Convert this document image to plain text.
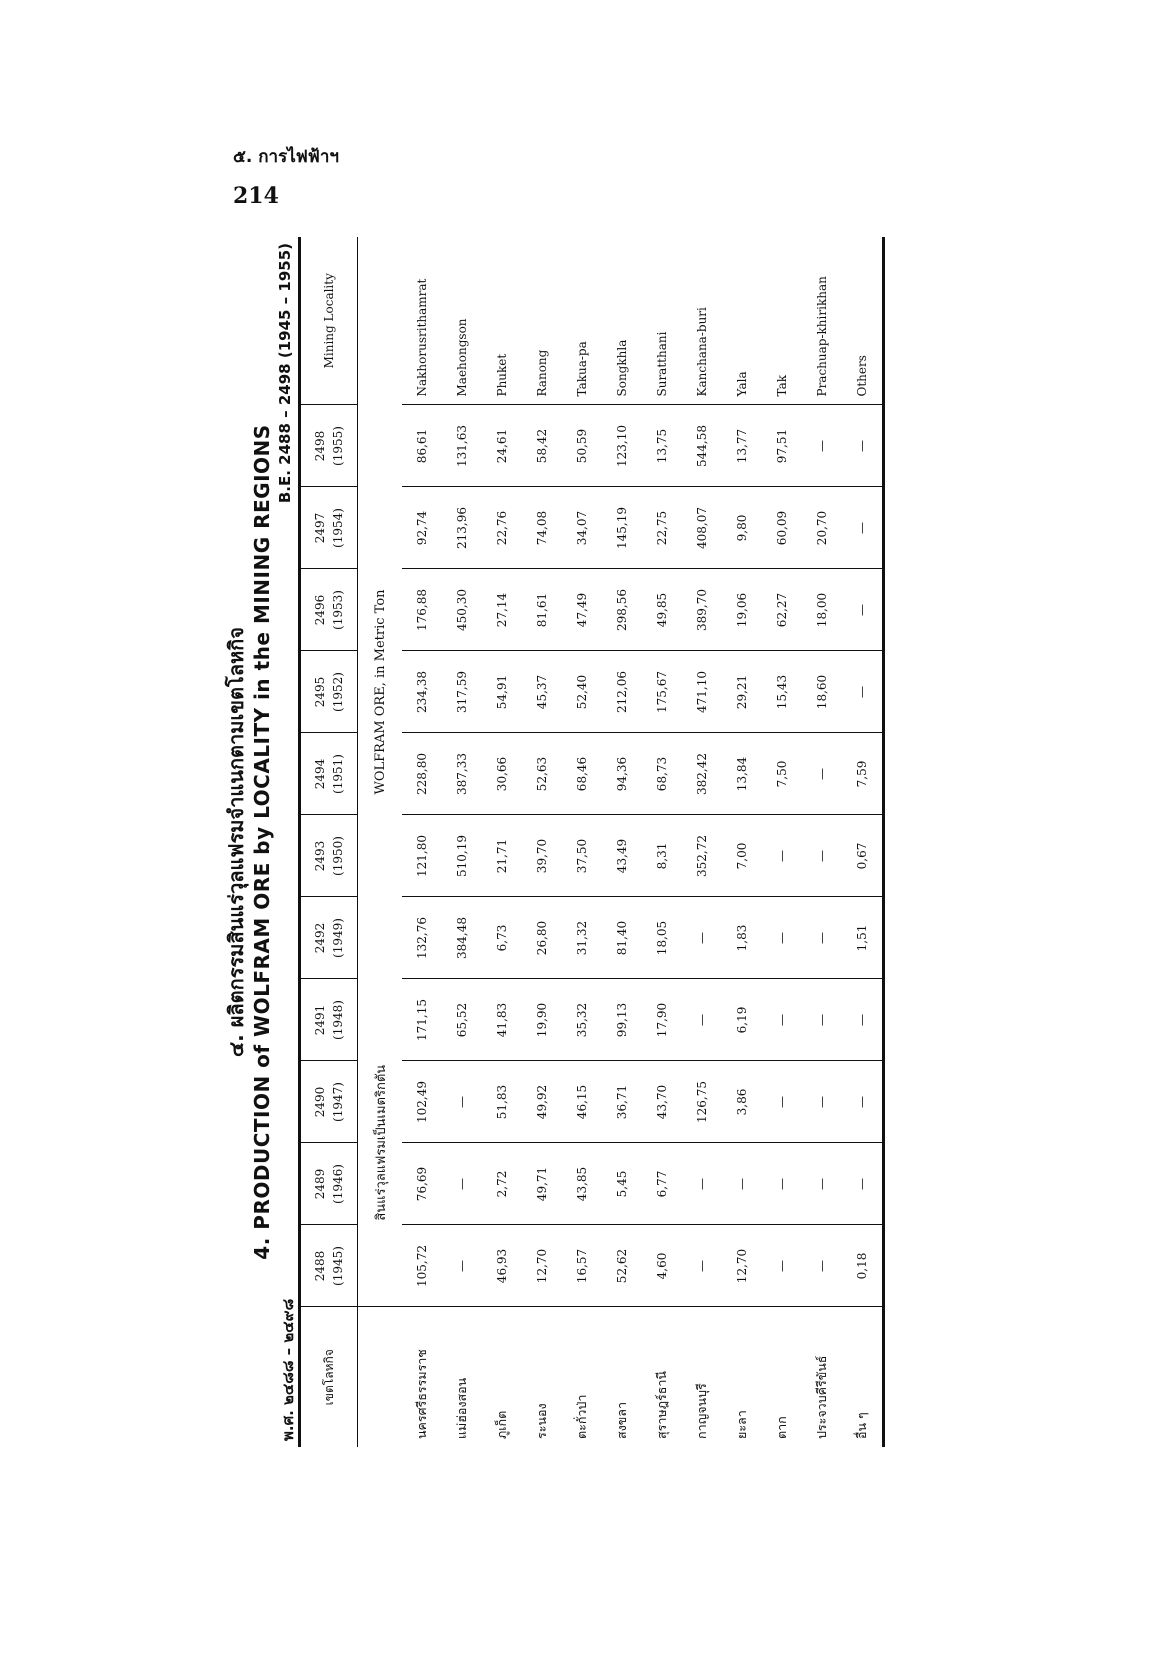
๕. การไฟฟ้าฯ
214
๔. ผลิตกรรมสินแร่วุลแฟรมจำแนกตามเขตโลหกิจ 4. PRODUCTION of WOLFRAM ORE by LOCALITY in the MINING REGIONS
พ.ศ. ๒๔๘๘ – ๒๔๙๘
B.E. 2488 – 2498 (1945 – 1955)
เขตโลหกิจ	2488 (1945)	2489 (1946)	2490 (1947)	2491 (1948)	2492 (1949)	2493 (1950)	2494 (1951)	2495 (1952)	2496 (1953)	2497 (1954)	2498 (1955)	Mining Locality
	สินแร่วุลแฟรมเป็นเมตริกตัน				WOLFRAM ORE, in Metric Ton							
นครศรีธรรมราช	105,72	76,69	102,49	171,15	132,76	121,80	228,80	234,38	176,88	92,74	86,61	Nakhorusrithamrat
แม่ฮ่องสอน	—	—	—	65,52	384,48	510,19	387,33	317,59	450,30	213,96	131,63	Maehongson
ภูเก็ต	46,93	2,72	51,83	41,83	6,73	21,71	30,66	54,91	27,14	22,76	24,61	Phuket
ระนอง	12,70	49,71	49,92	19,90	26,80	39,70	52,63	45,37	81,61	74,08	58,42	Ranong
ตะกั่วป่า	16,57	43,85	46,15	35,32	31,32	37,50	68,46	52,40	47,49	34,07	50,59	Takua-pa
สงขลา	52,62	5,45	36,71	99,13	81,40	43,49	94,36	212,06	298,56	145,19	123,10	Songkhla
สุราษฎร์ธานี	4,60	6,77	43,70	17,90	18,05	8,31	68,73	175,67	49,85	22,75	13,75	Suratthani
กาญจนบุรี	—	—	126,75	—	—	352,72	382,42	471,10	389,70	408,07	544,58	Kanchana-buri
ยะลา	12,70	—	3,86	6,19	1,83	7,00	13,84	29,21	19,06	9,80	13,77	Yala
ตาก	—	—	—	—	—	—	7,50	15,43	62,27	60,09	97,51	Tak
ประจวบคีรีขันธ์	—	—	—	—	—	—	—	18,60	18,00	20,70	—	Prachuap-khirikhan
อื่น ๆ	0,18	—	—	—	1,51	0,67	7,59	—	—	—	—	Others
